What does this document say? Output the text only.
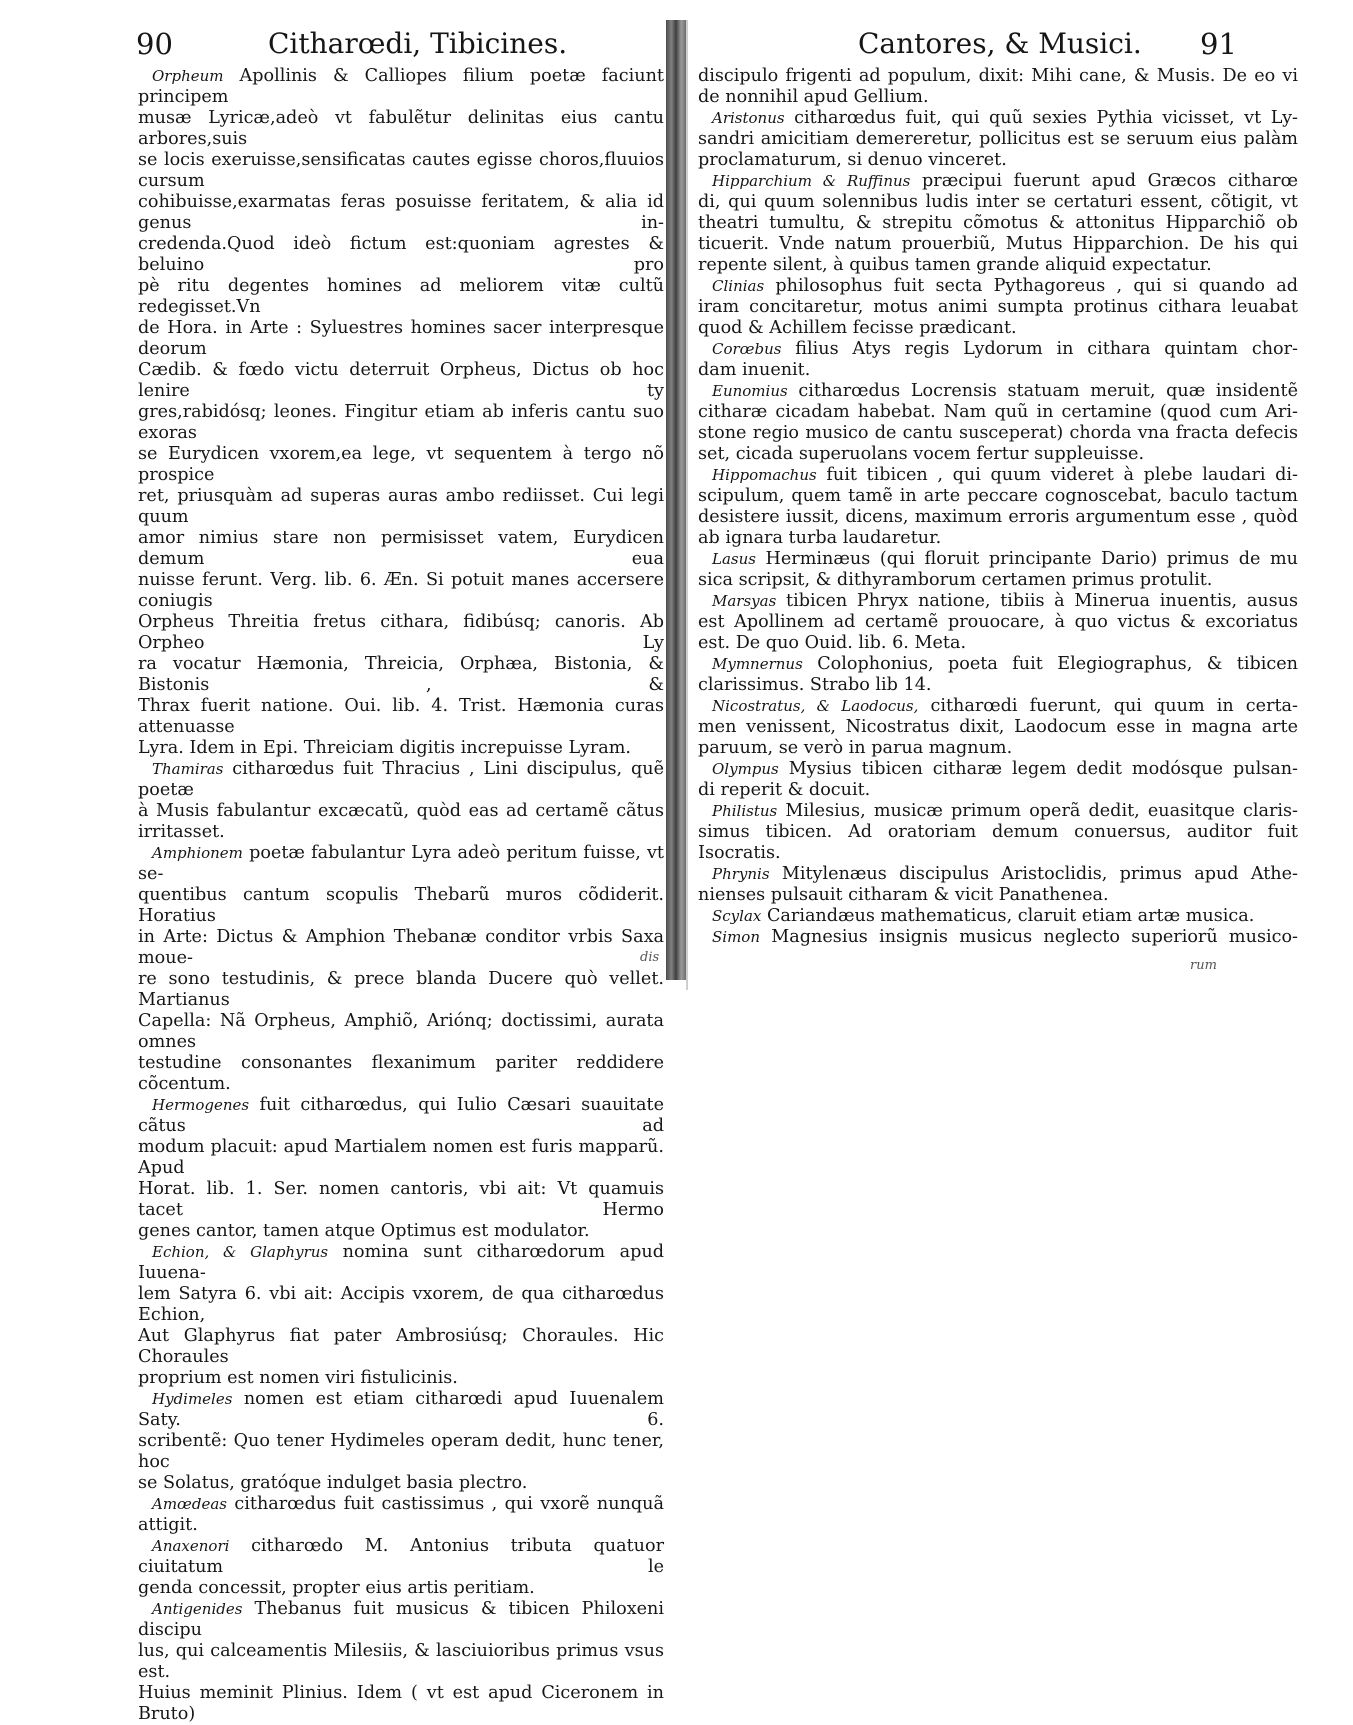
90	Citharœdi, Tibicines.

Orpheum Apollinis & Calliopes filium poetæ faciunt principem

musæ Lyricæ,adeò vt fabulẽtur delinitas eius cantu arbores,suis

se locis exeruisse,sensificatas cautes egisse choros,fluuios cursum

cohibuisse,exarmatas feras posuisse feritatem, & alia id genus in-

credenda.Quod ideò fictum est:quoniam agrestes & beluino pro

pè ritu degentes homines ad meliorem vitæ cultũ redegisset.Vn

de Hora. in Arte : Syluestres homines sacer interpresque deorum

Cædib. & fœdo victu deterruit Orpheus, Dictus ob hoc lenire ty

gres,rabidósq; leones. Fingitur etiam ab inferis cantu suo exoras

se Eurydicen vxorem,ea lege, vt sequentem à tergo nõ prospice

ret, priusquàm ad superas auras ambo rediisset. Cui legi quum

amor nimius stare non permisisset vatem, Eurydicen demum eua

nuisse ferunt. Verg. lib. 6. Æn. Si potuit manes accersere coniugis

Orpheus Threitia fretus cithara, fidibúsq; canoris. Ab Orpheo Ly

ra vocatur Hæmonia, Threicia, Orphæa, Bistonia, & Bistonis , &

Thrax fuerit natione. Oui. lib. 4. Trist. Hæmonia curas attenuasse

Lyra. Idem in Epi. Threiciam digitis increpuisse Lyram.

Thamiras citharœdus fuit Thracius , Lini discipulus, quẽ poetæ

à Musis fabulantur excæcatũ, quòd eas ad certamẽ cãtus irritasset.

Amphionem poetæ fabulantur Lyra adeò peritum fuisse, vt se-

quentibus cantum scopulis Thebarũ muros cõdiderit. Horatius

in Arte: Dictus & Amphion Thebanæ conditor vrbis Saxa moue-

re sono testudinis, & prece blanda Ducere quò vellet. Martianus

Capella: Nã Orpheus, Amphiõ, Ariónq; doctissimi, aurata omnes

testudine consonantes flexanimum pariter reddidere cõcentum.

Hermogenes fuit citharœdus, qui Iulio Cæsari suauitate cãtus ad

modum placuit: apud Martialem nomen est furis mapparũ. Apud

Horat. lib. 1. Ser. nomen cantoris, vbi ait: Vt quamuis tacet Hermo

genes cantor, tamen atque Optimus est modulator.

Echion, & Glaphyrus nomina sunt citharœdorum apud Iuuena-

lem Satyra 6. vbi ait: Accipis vxorem, de qua citharœdus Echion,

Aut Glaphyrus fiat pater Ambrosiúsq; Choraules. Hic Choraules

proprium est nomen viri fistulicinis.

Hydimeles nomen est etiam citharœdi apud Iuuenalem Saty. 6.

scribentẽ: Quo tener Hydimeles operam dedit, hunc tener, hoc

se Solatus, gratóque indulget basia plectro.

Amœdeas citharœdus fuit castissimus , qui vxorẽ nunquã attigit.

Anaxenori citharœdo M. Antonius tributa quatuor ciuitatum le

genda concessit, propter eius artis peritiam.

Antigenides Thebanus fuit musicus & tibicen Philoxeni discipu

lus, qui calceamentis Milesiis, & lasciuioribus primus vsus est.

Huius meminit Plinius. Idem ( vt est apud Ciceronem in Bruto)

dis
Cantores, & Musici. 91

discipulo frigenti ad populum, dixit: Mihi cane, & Musis. De eo vi

de nonnihil apud Gellium.

Aristonus citharœdus fuit, qui quũ sexies Pythia vicisset, vt Ly-

sandri amicitiam demereretur, pollicitus est se seruum eius palàm

proclamaturum, si denuo vinceret.

Hipparchium & Ruffinus præcipui fuerunt apud Græcos citharœ

di, qui quum solennibus ludis inter se certaturi essent, cõtigit, vt

theatri tumultu, & strepitu cõmotus & attonitus Hipparchiõ ob

ticuerit. Vnde natum prouerbiũ, Mutus Hipparchion. De his qui

repente silent, à quibus tamen grande aliquid expectatur.

Clinias philosophus fuit secta Pythagoreus , qui si quando ad

iram concitaretur, motus animi sumpta protinus cithara leuabat

quod & Achillem fecisse prædicant.

Corœbus filius Atys regis Lydorum in cithara quintam chor-

dam inuenit.

Eunomius citharœdus Locrensis statuam meruit, quæ insidentẽ

citharæ cicadam habebat. Nam quũ in certamine (quod cum Ari-

stone regio musico de cantu susceperat) chorda vna fracta defecis

set, cicada superuolans vocem fertur suppleuisse.

Hippomachus fuit tibicen , qui quum videret à plebe laudari di-

scipulum, quem tamẽ in arte peccare cognoscebat, baculo tactum

desistere iussit, dicens, maximum erroris argumentum esse , quòd

ab ignara turba laudaretur.

Lasus Herminæus (qui floruit principante Dario) primus de mu

sica scripsit, & dithyramborum certamen primus protulit.

Marsyas tibicen Phryx natione, tibiis à Minerua inuentis, ausus

est Apollinem ad certamẽ prouocare, à quo victus & excoriatus

est. De quo Ouid. lib. 6. Meta.

Mymnernus Colophonius, poeta fuit Elegiographus, & tibicen

clarissimus. Strabo lib 14.

Nicostratus, & Laodocus, citharœdi fuerunt, qui quum in certa-

men venissent, Nicostratus dixit, Laodocum esse in magna arte

paruum, se verò in parua magnum.

Olympus Mysius tibicen citharæ legem dedit modósque pulsan-

di reperit & docuit.

Philistus Milesius, musicæ primum operã dedit, euasitque claris-

simus tibicen. Ad oratoriam demum conuersus, auditor fuit

Isocratis.

Phrynis Mitylenæus discipulus Aristoclidis, primus apud Athe-

nienses pulsauit citharam & vicit Panathenea.

Scylax Cariandæus mathematicus, claruit etiam artæ musica.

Simon Magnesius insignis musicus neglecto superiorũ musico-

rum
